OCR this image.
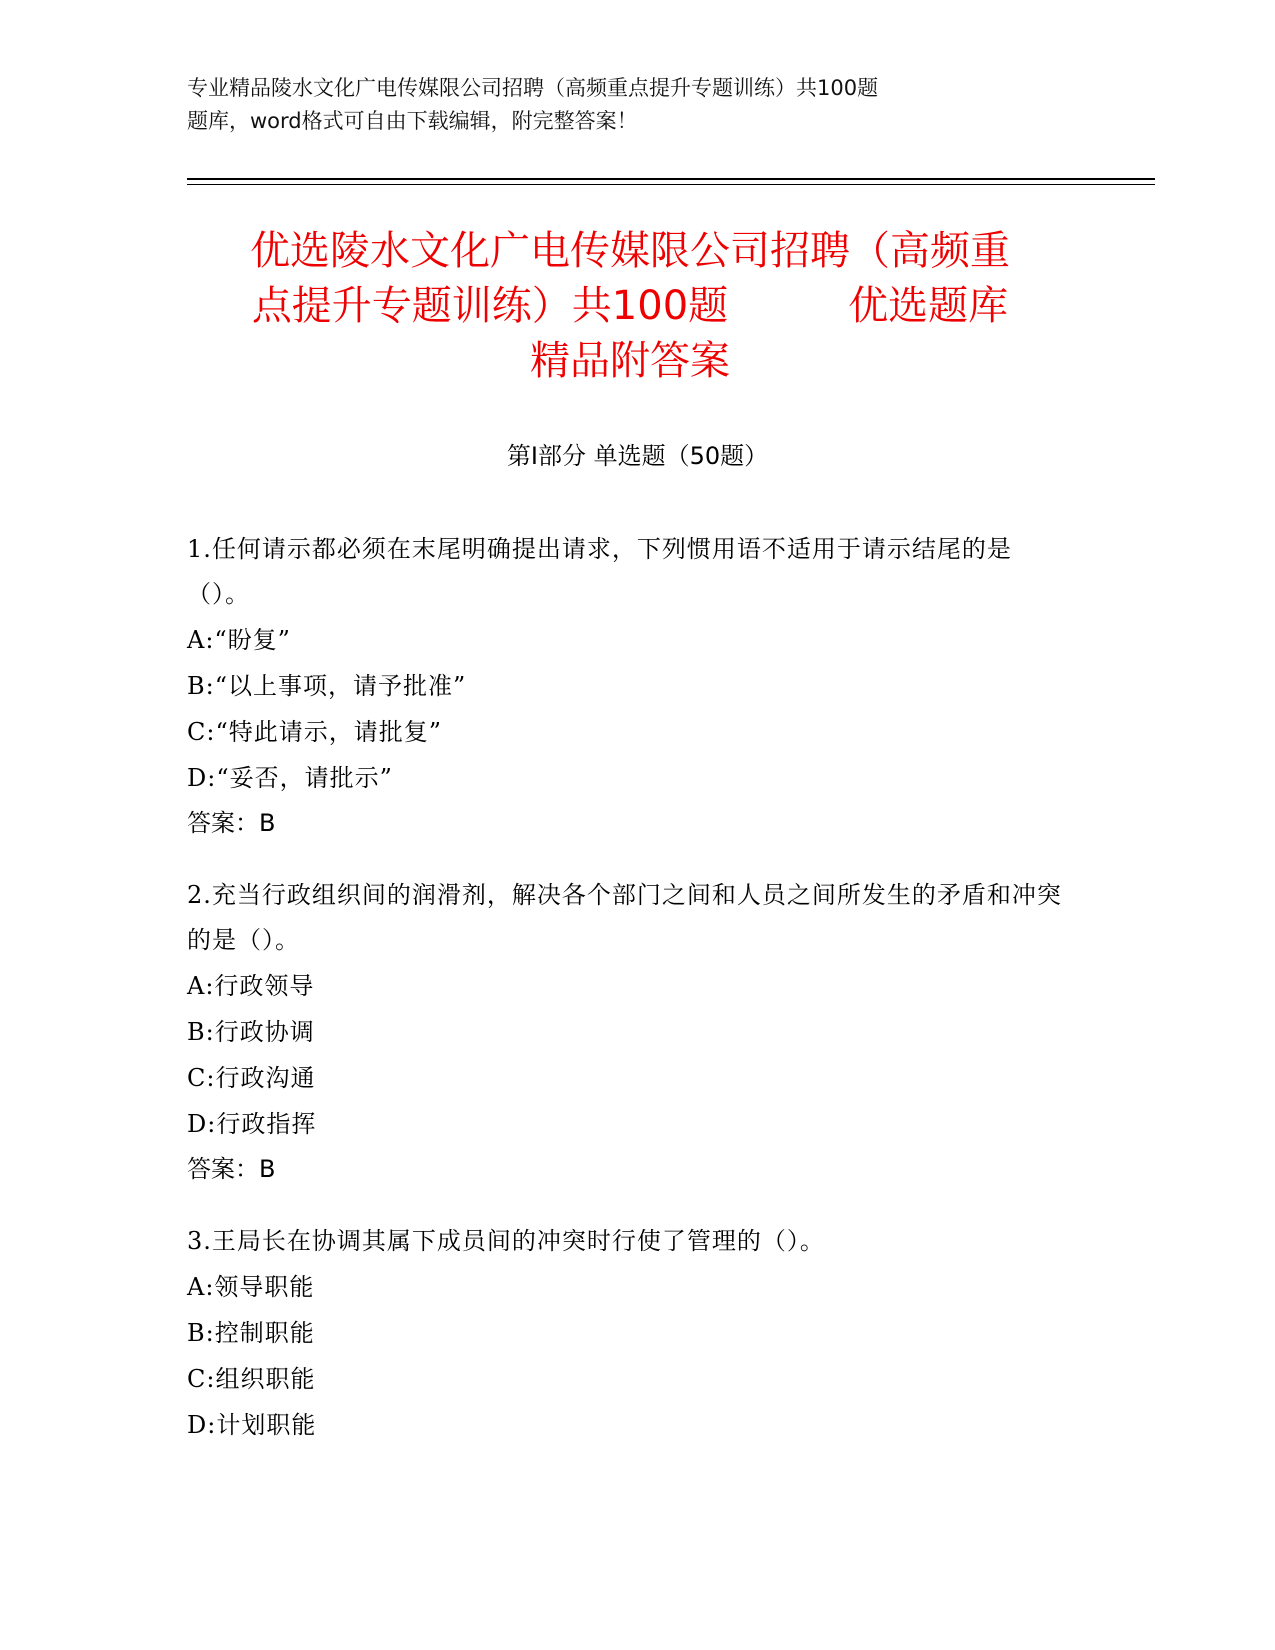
专业精品陵水文化广电传媒限公司招聘（高频重点提升专题训练）共100题
题库，word格式可自由下载编辑，附完整答案！
优选陵水文化广电传媒限公司招聘（高频重
点提升专题训练）共100题　　　优选题库
精品附答案
第Ⅰ部分 单选题（50题）
1.任何请示都必须在末尾明确提出请求，下列惯用语不适用于请示结尾的是（）。
A:“盼复”
B:“以上事项，请予批准”
C:“特此请示，请批复”
D:“妥否，请批示”
答案：B
2.充当行政组织间的润滑剂，解决各个部门之间和人员之间所发生的矛盾和冲突的是（）。
A:行政领导
B:行政协调
C:行政沟通
D:行政指挥
答案：B
3.王局长在协调其属下成员间的冲突时行使了管理的（）。
A:领导职能
B:控制职能
C:组织职能
D:计划职能
